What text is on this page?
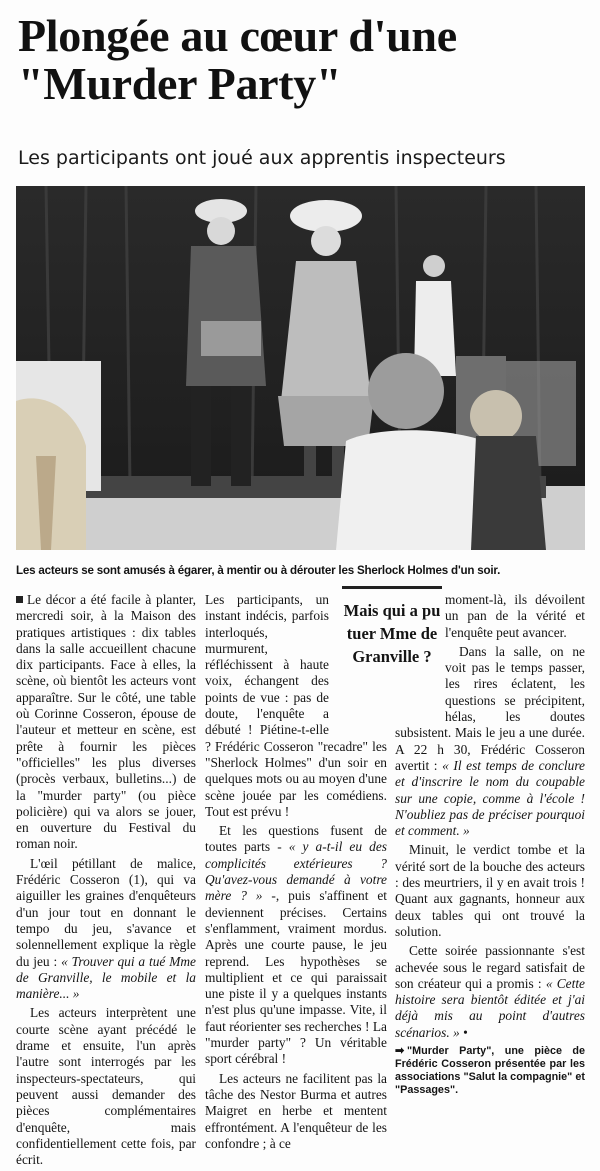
Plongée au cœur d'une "Murder Party"
Les participants ont joué aux apprentis inspecteurs
Les acteurs se sont amusés à égarer, à mentir ou à dérouter les Sherlock Holmes d'un soir.
Mais qui a pu tuer Mme de Granville ?

Le décor a été facile à planter, mercredi soir, à la Maison des pratiques artistiques : dix tables dans la salle accueillent chacune dix participants. Face à elles, la scène, où bientôt les acteurs vont apparaître. Sur le côté, une table où Corinne Cosseron, épouse de l'auteur et metteur en scène, est prête à fournir les pièces "officielles" les plus diverses (procès verbaux, bulletins...) de la "murder party" (ou pièce policière) qui va alors se jouer, en ouverture du Festival du roman noir.

L'œil pétillant de malice, Frédéric Cosseron (1), qui va aiguiller les graines d'enquêteurs d'un jour tout en donnant le tempo du jeu, s'avance et solennellement explique la règle du jeu : « Trouver qui a tué Mme de Granville, le mobile et la manière... »

Les acteurs interprètent une courte scène ayant précédé le drame et ensuite, l'un après l'autre sont interrogés par les inspecteurs-spectateurs, qui peuvent aussi demander des pièces complémentaires d'enquête, mais confidentiellement cette fois, par écrit.

Les participants, un instant indécis, parfois interloqués, murmurent, réfléchissent à haute voix, échangent des points de vue : pas de doute, l'enquête a débuté ! Piétine-t-elle ? Frédéric Cosseron "recadre" les "Sherlock Holmes" d'un soir en quelques mots ou au moyen d'une scène jouée par les comédiens. Tout est prévu !

Et les questions fusent de toutes parts - « y a-t-il eu des complicités extérieures ? Qu'avez-vous demandé à votre mère ? » -, puis s'affinent et deviennent précises. Certains s'enflamment, vraiment mordus. Après une courte pause, le jeu reprend. Les hypothèses se multiplient et ce qui paraissait une piste il y a quelques instants n'est plus qu'une impasse. Vite, il faut réorienter ses recherches ! La "murder party" ? Un véritable sport cérébral !

Les acteurs ne facilitent pas la tâche des Nestor Burma et autres Maigret en herbe et mentent effrontément. A l'enquêteur de les confondre ; à ce

moment-là, ils dévoilent un pan de la vérité et l'enquête peut avancer.

Dans la salle, on ne voit pas le temps passer, les rires éclatent, les questions se précipitent, hélas, les doutes subsistent. Mais le jeu a une durée. A 22 h 30, Frédéric Cosseron avertit : « Il est temps de conclure et d'inscrire le nom du coupable sur une copie, comme à l'école ! N'oubliez pas de préciser pourquoi et comment. »

Minuit, le verdict tombe et la vérité sort de la bouche des acteurs : des meurtriers, il y en avait trois ! Quant aux gagnants, honneur aux deux tables qui ont trouvé la solution.

Cette soirée passionnante s'est achevée sous le regard satisfait de son créateur qui a promis : « Cette histoire sera bientôt éditée et j'ai déjà mis au point d'autres scénarios. » •

➡ "Murder Party", une pièce de Frédéric Cosseron présentée par les associations "Salut la compagnie" et "Passages".
